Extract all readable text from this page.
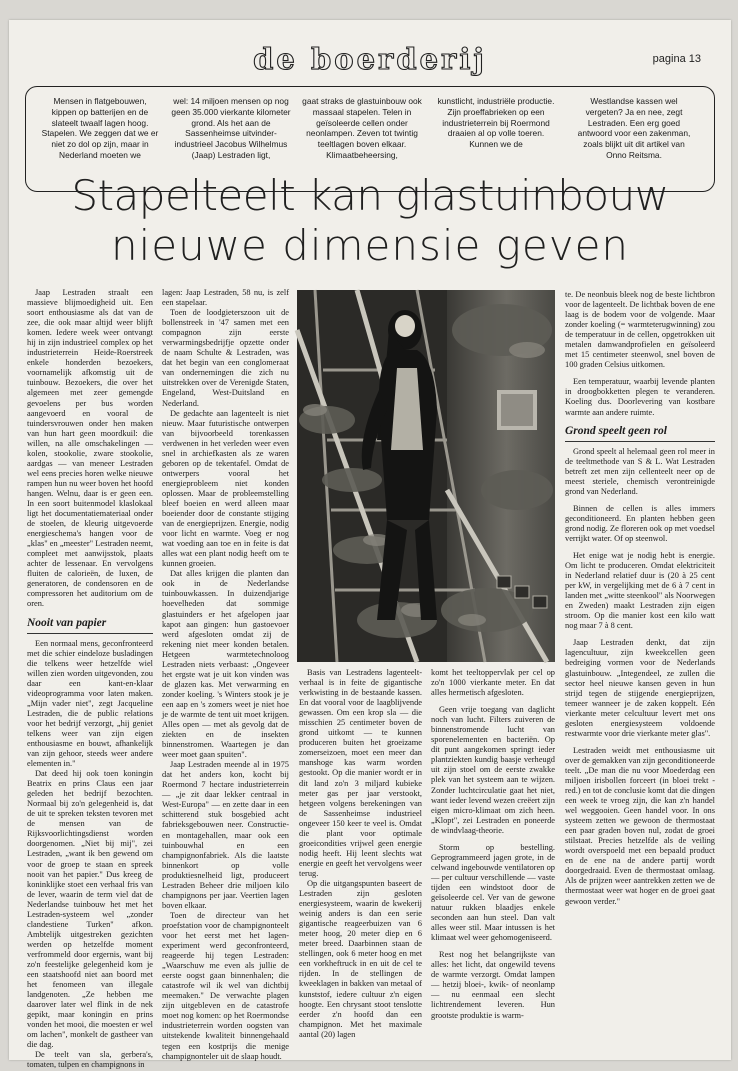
de boerderij	pagina 13
Mensen in flatgebouwen, kippen op batterijen en de slateelt twaalf lagen hoog. Stapelen. We zeggen dat we er niet zo dol op zijn, maar in Nederland moeten we
wel: 14 miljoen mensen op nog geen 35.000 vierkante kilometer grond. Als het aan de Sassenheimse uitvinder-industrieel Jacobus Wilhelmus (Jaap) Lestraden ligt,
gaat straks de glastuinbouw ook massaal stapelen. Telen in geïsoleerde cellen onder neonlampen. Zeven tot twintig teeltlagen boven elkaar. Klimaatbeheersing,
kunstlicht, industriële productie. Zijn proeffabrieken op een industrieterrein bij Roermond draaien al op volle toeren. Kunnen we de
Westlandse kassen wel vergeten? Ja en nee, zegt Lestraden. Een erg goed antwoord voor een zakenman, zoals blijkt uit dit artikel van Onno Reitsma.
Stapelteelt kan glastuinbouw
nieuwe dimensie geven

Jaap Lestraden straalt een massieve blijmoedigheid uit. Een soort enthousiasme als dat van de zee, die ook maar altijd weer blijft komen. Iedere week weer ontvangt hij in zijn industrieel complex op het industrieterrein Heide-Roerstreek enkele honderden bezoekers, voornamelijk afkomstig uit de tuinbouw. Bezoekers, die over het algemeen met zeer gemengde gevoelens per bus worden aangevoerd en vooral de tuindersvrouwen onder hen maken van hun hart geen moordkuil: die willen, na alle omschakelingen — kolen, stookolie, zware stookolie, aardgas — van meneer Lestraden wel eens precies horen welke nieuwe rampen hun nu weer boven het hoofd hangen. Welnu, daar is er geen een. In een soort buitenmodel klaslokaal ligt het documentatiemateriaal onder de stoelen, de kleurig uitgevoerde energieschema's hangen voor de „klas" en „meester" Lestraden neemt, compleet met aanwijsstok, plaats achter de lessenaar. En vervolgens fluiten de calorieën, de luxen, de generatoren, de condensoren en de compressoren het auditorium om de oren.

Nooit van papier

Een normaal mens, geconfronteerd met die schier eindeloze busladingen die telkens weer hetzelfde wiel willen zien worden uitgevonden, zou daar een kant-en-klaar videoprogramma voor laten maken. „Mijn vader niet", zegt Jacqueline Lestraden, die de public relations voor het bedrijf verzorgt, „hij geniet telkens weer van zijn eigen enthousiasme en bouwt, afhankelijk van zijn gehoor, steeds weer andere elementen in."

Dat deed hij ook toen koningin Beatrix en prins Claus een jaar geleden het bedrijf bezochten. Normaal bij zo'n gelegenheid is, dat de uit te spreken teksten tevoren met de mensen van de Rijksvoorlichtingsdienst worden doorgenomen. „Niet bij mij", zei Lestraden, „want ik ben gewend om voor de groep te staan en spreek nooit van het papier." Dus kreeg de koninklijke stoet een verhaal fris van de lever, waarin de term viel dat de Nederlandse tuinbouw het met het Lestraden-systeem wel „zonder clandestiene Turken" afkon. Ambtelijk uitgestreken gezichten werden op hetzelfde moment verfrommeld door ergernis, want bij zo'n feestelijke gelegenheid kom je een staatshoofd niet aan boord met het fenomeen van illegale landgenoten. „Ze hebben me daarover later wel flink in de nek gepikt, maar koningin en prins vonden het mooi, die moesten er wel om lachen", monkelt de gastheer van die dag.

De teelt van sla, gerbera's, tomaten, tulpen en champignons in

lagen: Jaap Lestraden, 58 nu, is zelf een stapelaar.

Toen de loodgieterszoon uit de bollenstreek in '47 samen met een compagnon zijn eerste verwarmingsbedrijfje opzette onder de naam Schulte & Lestraden, was dat het begin van een conglomeraat van ondernemingen die zich nu uitstrekken over de Verenigde Staten, Engeland, West-Duitsland en Nederland.

De gedachte aan lagenteelt is niet nieuw. Maar futuristische ontwerpen van bijvoorbeeld torenkassen verdwenen in het verleden weer even snel in archiefkasten als ze waren geboren op de tekentafel. Omdat de ontwerpers vooral het energieprobleem niet konden oplossen. Maar de probleemstelling bleef boeien en werd alleen maar boeiender door de constante stijging van de energieprijzen. Energie, nodig voor licht en warmte. Voeg er nog wat voeding aan toe en in feite is dat alles wat een plant nodig heeft om te kunnen groeien.

Dat alles krijgen die planten dan ook in de Nederlandse tuinbouwkassen. In duizendjarige hoevelheden dat sommige glastuinders er het afgelopen jaar kapot aan gingen: hun gastoevoer werd afgesloten omdat zij de rekening niet meer konden betalen. Hetgeen warmtetechnoloog Lestraden niets verbaast: „Ongeveer het ergste wat je uit kon vinden was de glazen kas. Met verwarming en zonder koeling. 's Winters stook je je een aap en 's zomers weet je niet hoe je de warmte de tent uit moet krijgen. Alles open — met als gevolg dat de ziekten en de insekten binnenstromen. Waartegen je dan weer moet gaan spuiten".

Jaap Lestraden meende al in 1975 dat het anders kon, kocht bij Roermond 7 hectare industrieterrein — „je zit daar lekker centraal in West-Europa" — en zette daar in een schitterend stuk bosgebied acht fabrieksgebouwen neer. Constructie- en montagehallen, maar ook een tuinbouwhal en een champignonfabriek. Als die laatste binnenkort op volle produktiesnelheid ligt, produceert Lestraden Beheer drie miljoen kilo champignons per jaar. Veertien lagen boven elkaar.

Toen de directeur van het proefstation voor de champignonteelt voor het eerst met het lagen-experiment werd geconfronteerd, reageerde hij tegen Lestraden: „Waarschuw me even als jullie de eerste oogst gaan binnenhalen; die catastrofe wil ik wel van dichtbij meemaken." De verwachte plagen zijn uitgebleven en de catastrofe moet nog komen: op het Roermondse industrieterrein worden oogsten van uitstekende kwaliteit binnengehaald tegen een kostprijs die menige champignonteler uit de slaap houdt.

Basis van Lestradens lagenteelt-verhaal is in feite de gigantische verkwisting in de bestaande kassen. En dat vooral voor de laagblijvende gewassen. Om een krop sla — die misschien 25 centimeter boven de grond uitkomt — te kunnen produceren buiten het groeizame zomerseizoen, moet een meer dan manshoge kas warm worden gestookt. Op die manier wordt er in dit land zo'n 3 miljard kubieke meter gas per jaar verstookt, hetgeen volgens berekeningen van de Sassenheimse industrieel ongeveer 150 keer te veel is. Omdat die plant voor optimale groeicondities vrijwel geen energie nodig heeft. Hij leent slechts wat energie en geeft het vervolgens weer terug.

Op die uitgangspunten baseert de Lestraden zijn gesloten energiesysteem, waarin de kwekerij weinig anders is dan een serie gigantische reageerbuizen van 6 meter hoog, 20 meter diep en 6 meter breed. Daarbinnen staan de stellingen, ook 6 meter hoog en met een vorkheftruck in en uit de cel te rijden. In de stellingen de kweeklagen in bakken van metaal of kunststof, iedere cultuur z'n eigen hoogte. Een chrysant stoot tenslotte eerder z'n hoofd dan een champignon. Met het maximale aantal (20) lagen

komt het teeltoppervlak per cel op zo'n 1000 vierkante meter. En dat alles hermetisch afgesloten.

Geen vrije toegang van daglicht noch van lucht. Filters zuiveren de binnenstromende lucht van sporenelementen en bacteriën. Op dit punt aangekomen springt ieder plantziekten kundig baasje verheugd uit zijn stoel om de eerste zwakke plek van het systeem aan te wijzen. Zonder luchtcirculatie gaat het niet, want ieder levend wezen creëert zijn eigen micro-klimaat om zich heen. „Klopt", zei Lestraden en poneerde de windvlaag-theorie.

Storm op bestelling. Geprogrammeerd jagen grote, in de celwand ingebouwde ventilatoren op — per cultuur verschillende — vaste tijden een windstoot door de geïsoleerde cel. Ver van de gewone natuur rukken blaadjes enkele seconden aan hun steel. Dan valt alles weer stil. Maar intussen is het klimaat wel weer gehomogeniseerd.

Rest nog het belangrijkste van alles: het licht, dat ongewild tevens de warmte verzorgt. Omdat lampen — hetzij bloei-, kwik- of neonlamp — nu eenmaal een slecht lichtrendement leveren. Hun grootste produktie is warm-

te. De neonbuis bleek nog de beste lichtbron voor de lagenteelt. De lichtbak boven de ene laag is de bodem voor de volgende. Maar zonder koeling (= warmteterugwinning) zou de temperatuur in de cellen, opgetrokken uit metalen damwandprofielen en geïsoleerd met 15 centimeter steenwol, snel boven de 100 graden Celsius uitkomen.

Een temperatuur, waarbij levende planten in droogbokketten plegen te veranderen. Koeling dus. Doorlevering van kostbare warmte aan andere ruimte.

Grond speelt geen rol

Grond speelt al helemaal geen rol meer in de teeltmethode van S & L. Wat Lestraden betreft zet men zijn cellenteelt neer op de meest steriele, chemisch verontreinigde grond van Nederland.

Binnen de cellen is alles immers geconditioneerd. En planten hebben geen grond nodig. Ze floreren ook op met voedsel verrijkt water. Of op steenwol.

Het enige wat je nodig hebt is energie. Om licht te produceren. Omdat elektriciteit in Nederland relatief duur is (20 à 25 cent per kW, in vergelijking met de 6 à 7 cent in landen met „witte steenkool" als Noorwegen en Zweden) maakt Lestraden zijn eigen stroom. Op die manier kost een kilo watt nog maar 7 à 8 cent.

Jaap Lestraden denkt, dat zijn lagencultuur, zijn kweekcellen geen bedreiging vormen voor de Nederlands glastuinbouw. „Integendeel, ze zullen die sector heel nieuwe kansen geven in hun strijd tegen de stijgende energieprijzen, temeer wanneer je de zaken koppelt. Eén vierkante meter celcultuur levert met ons gesloten energiesysteem voldoende restwarmte voor drie vierkante meter glas".

Lestraden weidt met enthousiasme uit over de gemakken van zijn geconditioneerde teelt. „De man die nu voor Moederdag een miljoen irisbollen forceert (in bloei trekt - red.) en tot de conclusie komt dat die dingen een week te vroeg zijn, die kan z'n handel wel weggooien. Geen handel voor. In ons systeem zetten we gewoon de thermostaat een paar graden boven nul, zodat de groei stilstaat. Precies hetzelfde als de veiling wordt overspoeld met een bepaald product en de ene na de andere partij wordt doorgedraaid. Even de thermostaat omlaag. Als de prijzen weer aantrekken zetten we de thermostaat weer wat hoger en de groei gaat gewoon verder."
